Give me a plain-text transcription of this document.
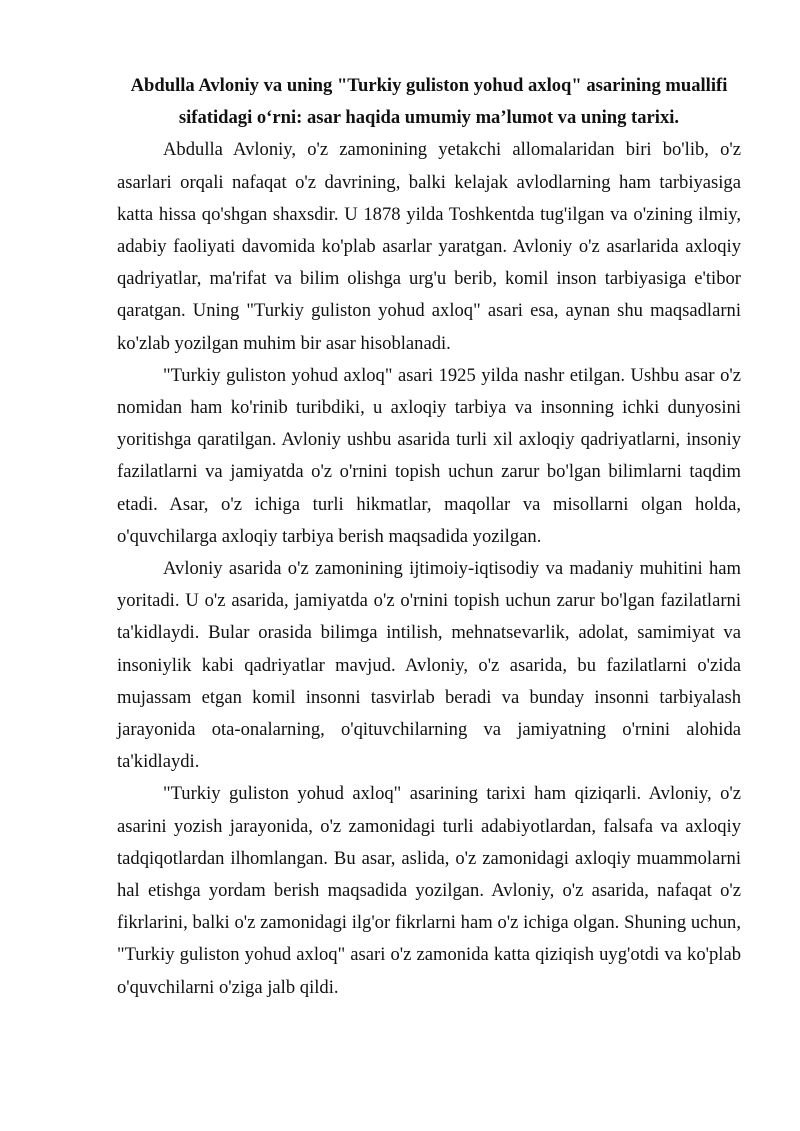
Abdulla Avloniy va uning "Turkiy guliston yohud axloq" asarining muallifi
sifatidagi o‘rni: asar haqida umumiy ma’lumot va uning tarixi.

Abdulla Avloniy, o'z zamonining yetakchi allomalaridan biri bo'lib, o'z asarlari orqali nafaqat o'z davrining, balki kelajak avlodlarning ham tarbiyasiga katta hissa qo'shgan shaxsdir. U 1878 yilda Toshkentda tug'ilgan va o'zining ilmiy, adabiy faoliyati davomida ko'plab asarlar yaratgan. Avloniy o'z asarlarida axloqiy qadriyatlar, ma'rifat va bilim olishga urg'u berib, komil inson tarbiyasiga e'tibor qaratgan. Uning "Turkiy guliston yohud axloq" asari esa, aynan shu maqsadlarni ko'zlab yozilgan muhim bir asar hisoblanadi.

"Turkiy guliston yohud axloq" asari 1925 yilda nashr etilgan. Ushbu asar o'z nomidan ham ko'rinib turibdiki, u axloqiy tarbiya va insonning ichki dunyosini yoritishga qaratilgan. Avloniy ushbu asarida turli xil axloqiy qadriyatlarni, insoniy fazilatlarni va jamiyatda o'z o'rnini topish uchun zarur bo'lgan bilimlarni taqdim etadi. Asar, o'z ichiga turli hikmatlar, maqollar va misollarni olgan holda, o'quvchilarga axloqiy tarbiya berish maqsadida yozilgan.

Avloniy asarida o'z zamonining ijtimoiy-iqtisodiy va madaniy muhitini ham yoritadi. U o'z asarida, jamiyatda o'z o'rnini topish uchun zarur bo'lgan fazilatlarni ta'kidlaydi. Bular orasida bilimga intilish, mehnatsevarlik, adolat, samimiyat va insoniylik kabi qadriyatlar mavjud. Avloniy, o'z asarida, bu fazilatlarni o'zida mujassam etgan komil insonni tasvirlab beradi va bunday insonni tarbiyalash jarayonida ota-onalarning, o'qituvchilarning va jamiyatning o'rnini alohida ta'kidlaydi.

"Turkiy guliston yohud axloq" asarining tarixi ham qiziqarli. Avloniy, o'z asarini yozish jarayonida, o'z zamonidagi turli adabiyotlardan, falsafa va axloqiy tadqiqotlardan ilhomlangan. Bu asar, aslida, o'z zamonidagi axloqiy muammolarni hal etishga yordam berish maqsadida yozilgan. Avloniy, o'z asarida, nafaqat o'z fikrlarini, balki o'z zamonidagi ilg'or fikrlarni ham o'z ichiga olgan. Shuning uchun, "Turkiy guliston yohud axloq" asari o'z zamonida katta qiziqish uyg'otdi va ko'plab o'quvchilarni o'ziga jalb qildi.
